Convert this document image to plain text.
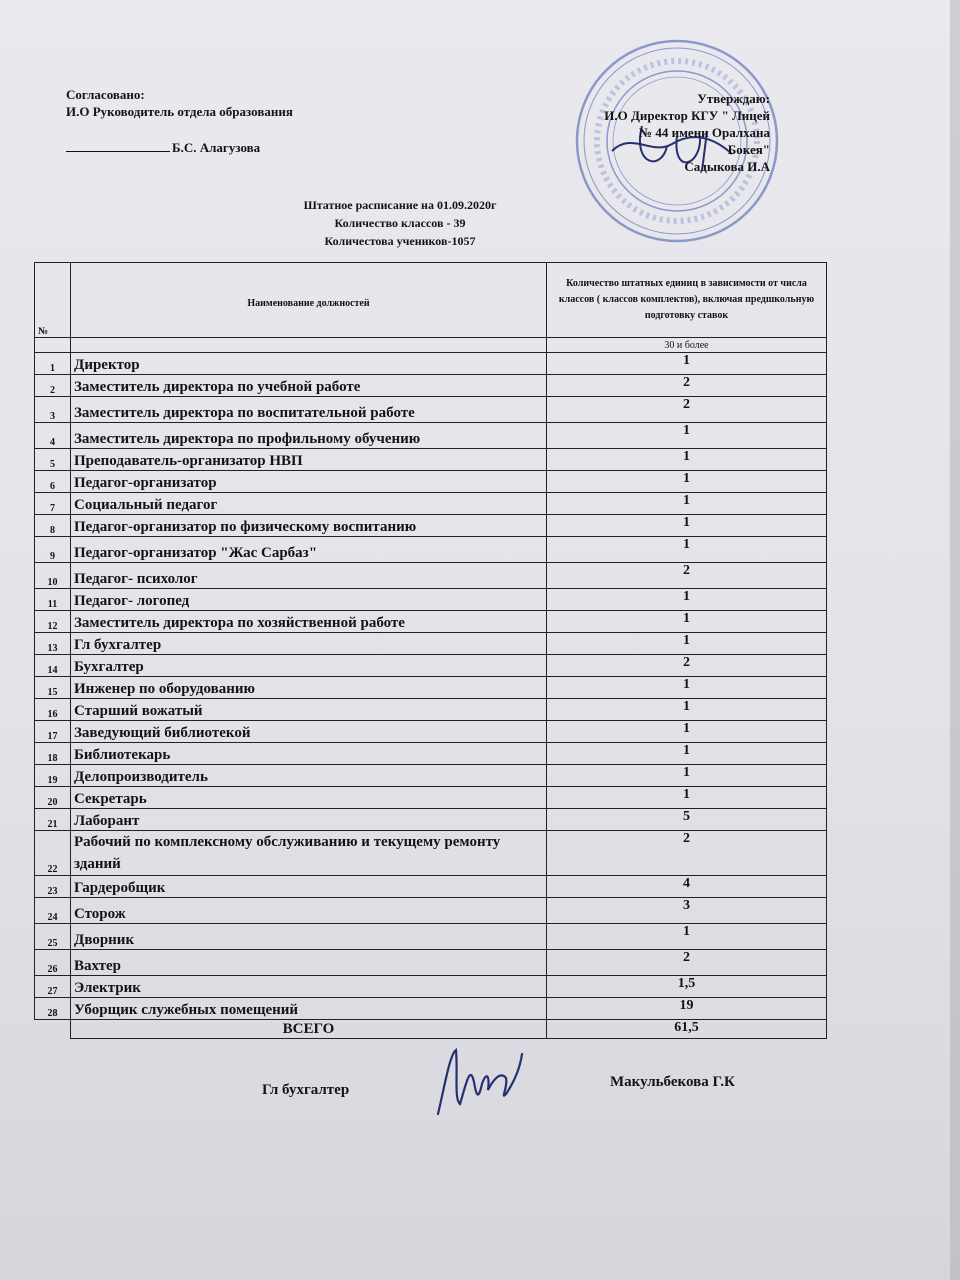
Согласовано:
И.О Руководитель отдела образования
Б.С. Алагузова
Утверждаю:
И.О Директор КГУ " Лицей
№ 44 имени Оралхана Бокея"
Садыкова И.А
Штатное расписание на 01.09.2020г
Количество классов - 39
Количестова учеников-1057
№	Наименование должностей	Количество штатных единиц в зависимости от числа классов ( классов комплектов), включая предшкольную подготовку ставок
		30 и более
1	Директор	1
2	Заместитель директора по учебной работе	2
3	Заместитель директора по воспитательной работе	2
4	Заместитель директора по профильному обучению	1
5	Преподаватель-организатор НВП	1
6	Педагог-организатор	1
7	Социальный педагог	1
8	Педагог-организатор по физическому воспитанию	1
9	Педагог-организатор "Жас Сарбаз"	1
10	Педагог- психолог	2
11	Педагог- логопед	1
12	Заместитель директора по хозяйственной работе	1
13	Гл бухгалтер	1
14	Бухгалтер	2
15	Инженер по оборудованию	1
16	Старший вожатый	1
17	Заведующий библиотекой	1
18	Библиотекарь	1
19	Делопроизводитель	1
20	Секретарь	1
21	Лаборант	5
22	Рабочий по комплексному обслуживанию и текущему ремонту зданий	2
23	Гардеробщик	4
24	Сторож	3
25	Дворник	1
26	Вахтер	2
27	Электрик	1,5
28	Уборщик служебных помещений	19
	ВСЕГО	61,5
Гл бухгалтер	Макульбекова Г.К
